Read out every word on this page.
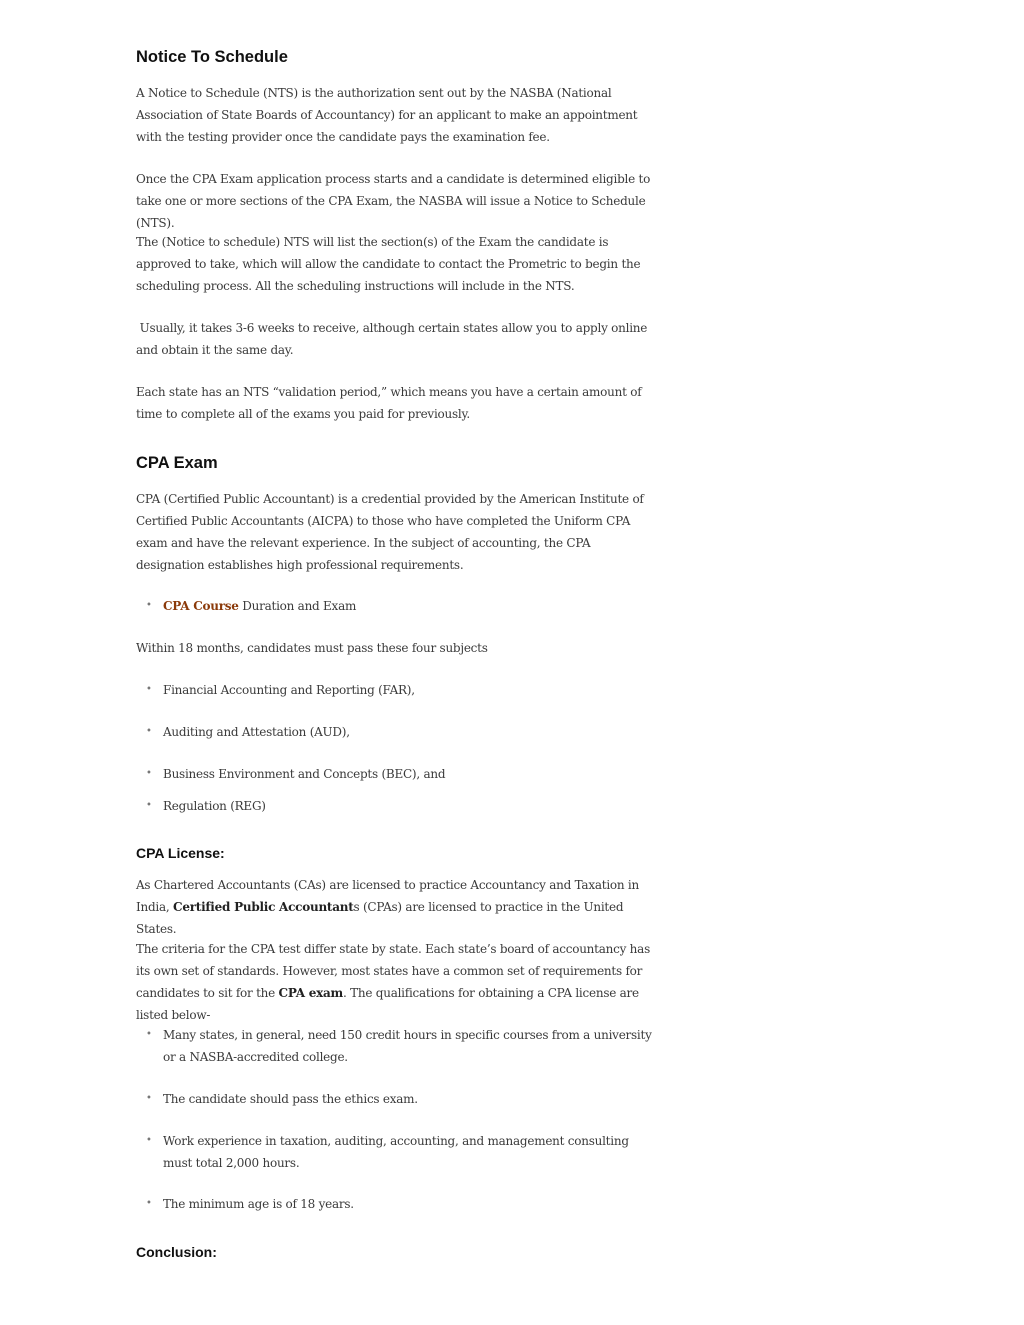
Notice To Schedule

A Notice to Schedule (NTS) is the authorization sent out by the NASBA (National Association of State Boards of Accountancy) for an applicant to make an appointment with the testing provider once the candidate pays the examination fee.

Once the CPA Exam application process starts and a candidate is determined eligible to take one or more sections of the CPA Exam, the NASBA will issue a Notice to Schedule (NTS).

The (Notice to schedule) NTS will list the section(s) of the Exam the candidate is approved to take, which will allow the candidate to contact the Prometric to begin the scheduling process. All the scheduling instructions will include in the NTS.

Usually, it takes 3-6 weeks to receive, although certain states allow you to apply online and obtain it the same day.

Each state has an NTS “validation period,” which means you have a certain amount of time to complete all of the exams you paid for previously.

CPA Exam

CPA (Certified Public Accountant) is a credential provided by the American Institute of Certified Public Accountants (AICPA) to those who have completed the Uniform CPA exam and have the relevant experience. In the subject of accounting, the CPA designation establishes high professional requirements.

• CPA Course Duration and Exam

Within 18 months, candidates must pass these four subjects

• Financial Accounting and Reporting (FAR),
• Auditing and Attestation (AUD),
• Business Environment and Concepts (BEC), and
• Regulation (REG)
CPA License:

As Chartered Accountants (CAs) are licensed to practice Accountancy and Taxation in India, Certified Public Accountants (CPAs) are licensed to practice in the United States.

The criteria for the CPA test differ state by state. Each state’s board of accountancy has its own set of standards. However, most states have a common set of requirements for candidates to sit for the CPA exam. The qualifications for obtaining a CPA license are listed below-

• Many states, in general, need 150 credit hours in specific courses from a university or a NASBA-accredited college.
• The candidate should pass the ethics exam.
• Work experience in taxation, auditing, accounting, and management consulting must total 2,000 hours.
• The minimum age is of 18 years.
Conclusion:
